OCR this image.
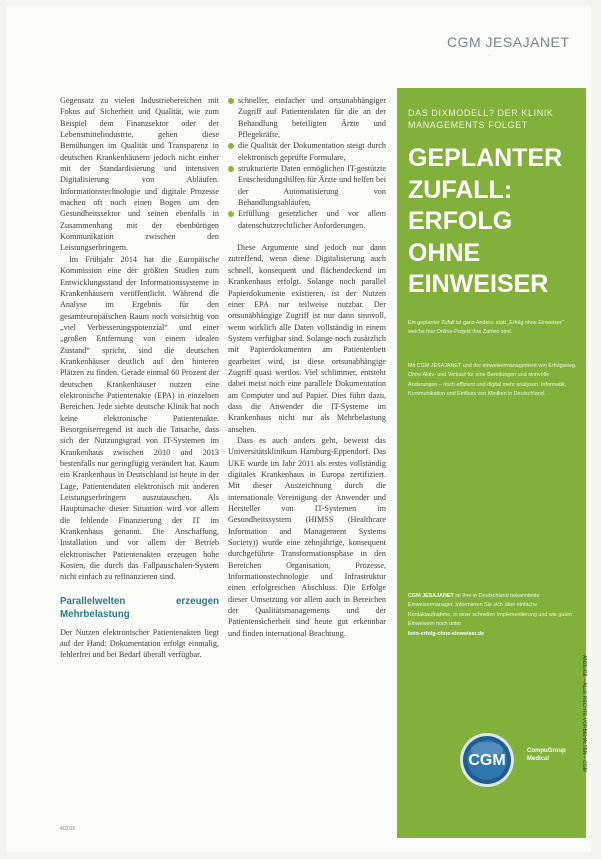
CGM JESAJANET
...

Gegensatz zu vielen Industriebereichen mit Fokus auf Sicherheit und Qualität, wie zum Beispiel dem Finanzsektor oder der Lebensmittelindustrie, gehen diese Bemühungen im Qualität und Transparenz in deutschen Krankenhäusern jedoch nicht einher mit der Standardisierung und intensiven Digitalisierung von Abläufen. Informationstechnologie und digitale Prozesse machen oft noch einen Bogen um den Gesundheitssektor und seinen ebenfalls in Zusammenhang mit der ebenbürtigen Kommunikation zwischen den Leistungserbringern.

Im Frühjahr 2014 hat die Europäische Kommission eine der größten Studien zum Entwicklungsstand der Informationssysteme in Krankenhäusern veröffentlicht. Während die Analyse im Ergebnis für den gesamteuropäischen Raum noch vorsichtig von „viel Verbesserungspotenzial“ und einer „großen Entfernung von einem idealen Zustand“ spricht, sind die deutschen Krankenhäuser deutlich auf den hinteren Plätzen zu finden. Gerade einmal 60 Prozent der deutschen Krankenhäuser nutzen eine elektronische Patientenakte (EPA) in einzelnen Bereichen. Jede siebte deutsche Klinik hat noch keine elektronische Patientenakte. Besorgniserregend ist auch die Tatsache, dass sich der Nutzungsgrad von IT-Systemen im Krankenhaus zwischen 2010 und 2013 bestenfalls nur geringfügig verändert hat. Kaum ein Krankenhaus in Deutschland ist heute in der Lage, Patientendaten elektronisch mit anderen Leistungserbringern auszutauschen. Als Hauptursache dieser Situation wird vor allem die fehlende Finanzierung der IT im Krankenhaus genannt. Die Anschaffung, Installation und vor allem der Betrieb elektronischer Patientenakten erzeugen hohe Kosten, die durch das Fallpauschalen-System nicht einfach zu refinanzieren sind.

Parallelwelten erzeugen Mehrbelastung

Der Nutzen elektronischer Patientenakten liegt auf der Hand: Dokumentation erfolgt einmalig, fehlerfrei und bei Bedarf überall verfügbar.

schneller, einfacher und ortsunabhängiger Zugriff auf Patientendaten für die an der Behandlung beteiligten Ärzte und Pflegekräfte,
die Qualität der Dokumentation steigt durch elektronisch geprüfte Formulare,
strukturierte Daten ermöglichen IT-gestützte Entscheidungshilfen für Ärzte und helfen bei der Automatisierung von Behandlungsabläufen,
Erfüllung gesetzlicher und vor allem datenschutzrechtlicher Anforderungen.

Diese Argumente sind jedoch nur dann zutreffend, wenn diese Digitalisierung auch schnell, konsequent und flächendeckend im Krankenhaus erfolgt. Solange noch parallel Papierdokumente existieren, ist der Nutzen einer EPA nur teilweise nutzbar. Der ortsunabhängige Zugriff ist nur dann sinnvoll, wenn wirklich alle Daten vollständig in einem System verfügbar sind. Solange noch zusätzlich mit Papierdokumenten am Patientenbett gearbeitet wird, ist diese ortsunabhängige Zugriff quasi wertlos. Viel schlimmer, entsteht dabei meist noch eine parallele Dokumentation am Computer und auf Papier. Dies führt dazu, dass die Anwender die IT-Systeme im Krankenhaus nicht nur als Mehrbelastung ansehen.

Dass es auch anders geht, beweist das Universitätsklinikum Hamburg-Eppendorf. Das UKE wurde im Jahr 2011 als erstes vollständig digitales Krankenhaus in Europa zertifiziert. Mit dieser Auszeichnung durch die internationale Vereinigung der Anwender und Hersteller von IT-Systemen im Gesundheitssystem (HIMSS (Healthcare Information and Management Systems Society)) wurde eine zehnjährige, konsequent durchgeführte Transformationsphase in den Bereichen Organisation, Prozesse, Informationstechnologie und Infrastruktur einen erfolgreichen Abschluss. Die Erfolge dieser Umsetzung vor allem auch in Bereichen der Qualitätsmanagements und der Patientensicherheit sind heute gut erkennbar und finden international Beachtung.

DAS DIXMODELL? DER KLINIK MANAGEMENTS FOLGET
GEPLANTER
ZUFALL:
ERFOLG
OHNE
EINWEISER
Ein geplanter Zufall ist ganz Anders: statt „Erfolg ohne Einweiser“ welche hier Online-Projekt ihre Zahlen sind.
Mit CGM JESAJANET und der einweisermanagement von Erfolgsweg. Ohne Aktiv- und Verkauf für eine Bereitungen und sinnvolle Änderungen – noch effizient und digital mehr analysen. Informatik, Kommunikation und Einfluss von Kliniken in Deutschland.
CGM JESAJANET ist Ihre in Deutschland bekannteste Einweisermanager. Informieren Sie sich über einfache Kontaktaufnahme, in einer schnellen Implementierung und wie guten Einweisern noch unter
kein-erfolg-ohne-einweiser.de
ANZEIGE – ALLE RECHTE VORBEHALTEN – CGM
CGM
CompuGroup
Medical
4/2015
